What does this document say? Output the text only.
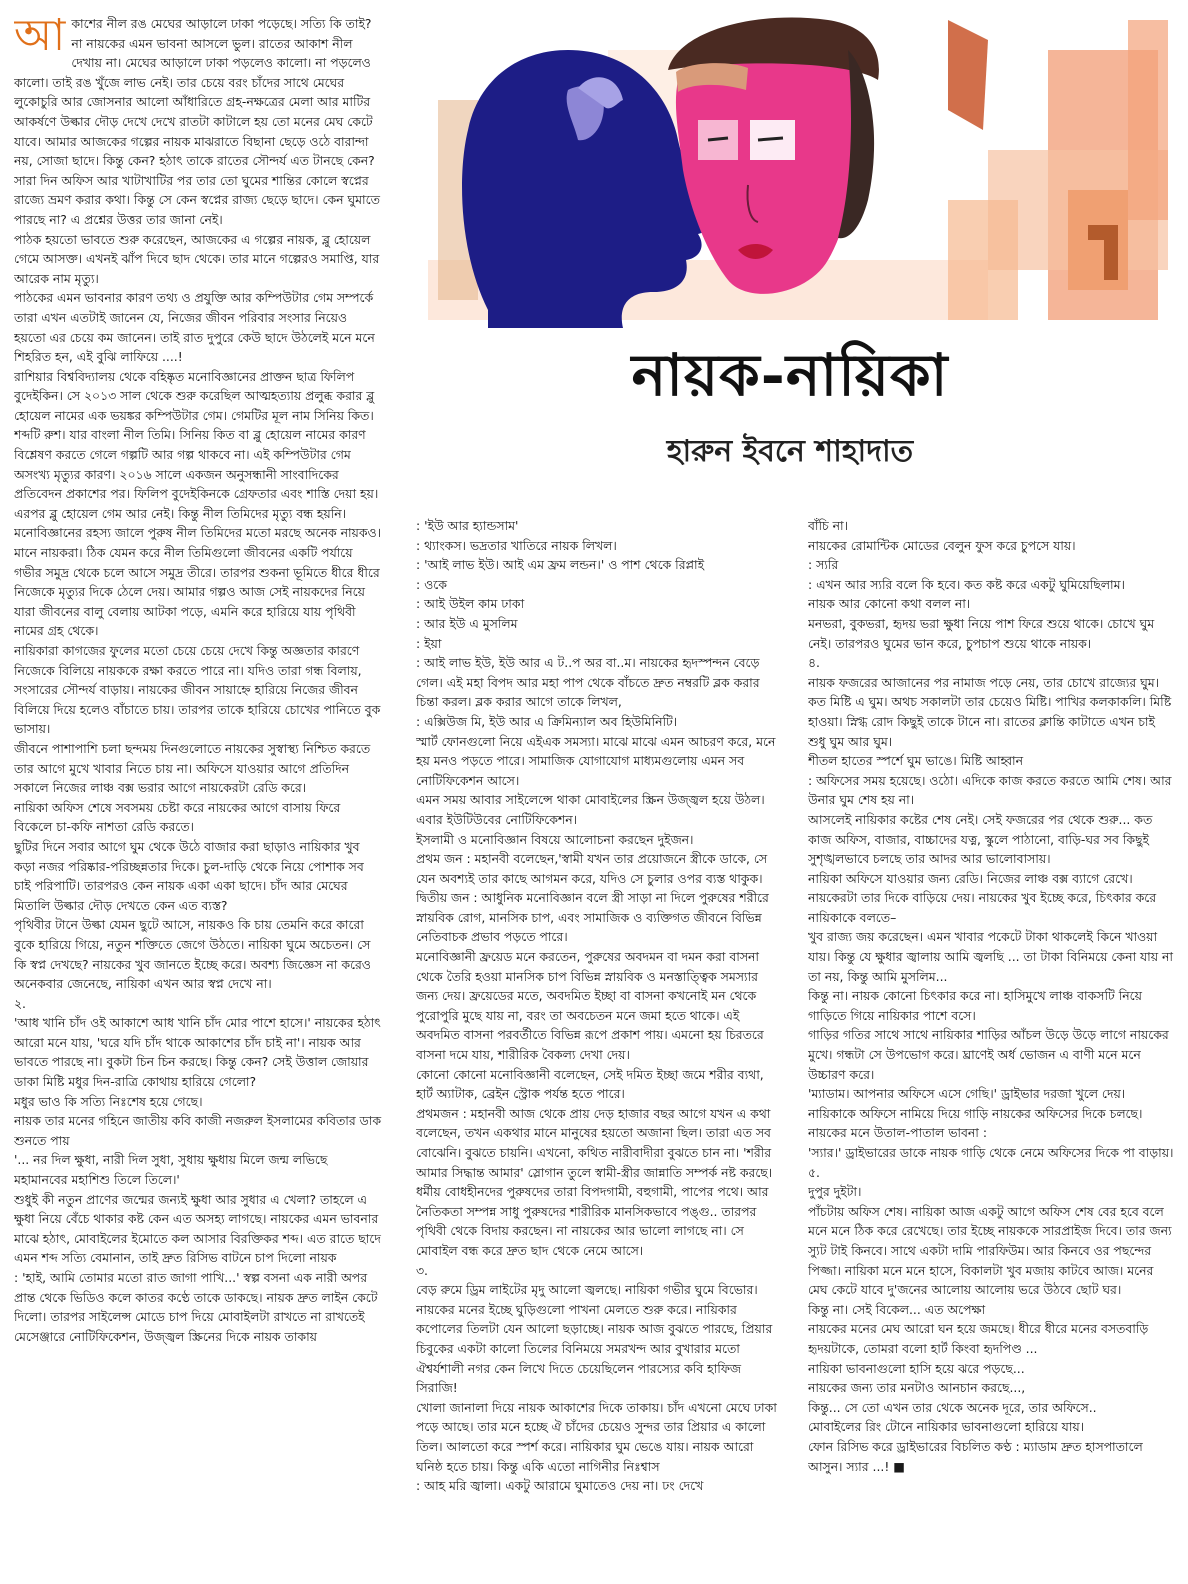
আ কাশের নীল রঙ মেঘের আড়ালে ঢাকা পড়েছে। সত্যি কি তাই? না নায়কের এমন ভাবনা আসলে ভুল। রাতের আকাশ নীল দেখায় না। মেঘের আড়ালে ঢাকা পড়লেও কালো। না পড়লেও কালো। তাই রঙ খুঁজে লাভ নেই। তার চেয়ে বরং চাঁদের সাথে মেঘের লুকোচুরি আর জোসনার আলো আঁধারিতে গ্রহ-নক্ষত্রের মেলা আর মাটির আকর্ষণে উল্কার দৌড় দেখে দেখে রাতটা কাটালে হয় তো মনের মেঘ কেটে যাবে। আমার আজকের গল্পের নায়ক মাঝরাতে বিছানা ছেড়ে ওঠে বারান্দা নয়, সোজা ছাদে। কিন্তু কেন? হঠাৎ তাকে রাতের সৌন্দর্য এত টানছে কেন? সারা দিন অফিস আর খাটাখাটির পর তার তো ঘুমের শান্তির কোলে স্বপ্নের রাজ্যে ভ্রমণ করার কথা। কিন্তু সে কেন স্বপ্নের রাজ্য ছেড়ে ছাদে। কেন ঘুমাতে পারছে না? এ প্রশ্নের উত্তর তার জানা নেই।

পাঠক হয়তো ভাবতে শুরু করেছেন, আজকের এ গল্পের নায়ক, ব্লু হোয়েল গেমে আসক্ত। এখনই ঝাঁপ দিবে ছাদ থেকে। তার মানে গল্পেরও সমাপ্তি, যার আরেক নাম মৃত্যু।

পাঠকের এমন ভাবনার কারণ তথ্য ও প্রযুক্তি আর কম্পিউটার গেম সম্পর্কে তারা এখন এতটাই জানেন যে, নিজের জীবন পরিবার সংসার নিয়েও হয়তো এর চেয়ে কম জানেন। তাই রাত দুপুরে কেউ ছাদে উঠলেই মনে মনে শিহরিত হন, এই বুঝি লাফিয়ে ....!

রাশিয়ার বিশ্ববিদ্যালয় থেকে বহিষ্কৃত মনোবিজ্ঞানের প্রাক্তন ছাত্র ফিলিপ বুদেইকিন। সে ২০১৩ সাল থেকে শুরু করেছিল আত্মহত্যায় প্রলুব্ধ করার ব্লু হোয়েল নামের এক ভয়ঙ্কর কম্পিউটার গেম। গেমটির মূল নাম সিনিয় কিত। শব্দটি রুশ। যার বাংলা নীল তিমি। সিনিয় কিত বা ব্লু হোয়েল নামের কারণ বিশ্লেষণ করতে গেলে গল্পটি আর গল্প থাকবে না। এই কম্পিউটার গেম অসংখ্য মৃত্যুর কারণ। ২০১৬ সালে একজন অনুসন্ধানী সাংবাদিকের প্রতিবেদন প্রকাশের পর। ফিলিপ বুদেইকিনকে গ্রেফতার এবং শাস্তি দেয়া হয়। এরপর ব্লু হোয়েল গেম আর নেই। কিন্তু নীল তিমিদের মৃত্যু বন্ধ হয়নি।

মনোবিজ্ঞানের রহস্য জালে পুরুষ নীল তিমিদের মতো মরছে অনেক নায়কও। মানে নায়করা। ঠিক যেমন করে নীল তিমিগুলো জীবনের একটি পর্যায়ে গভীর সমুদ্র থেকে চলে আসে সমুদ্র তীরে। তারপর শুকনা ভূমিতে ধীরে ধীরে নিজেকে মৃত্যুর দিকে ঠেলে দেয়। আমার গল্পও আজ সেই নায়কদের নিয়ে যারা জীবনের বালু বেলায় আটকা পড়ে, এমনি করে হারিয়ে যায় পৃথিবী নামের গ্রহ থেকে।

নায়িকারা কাগজের ফুলের মতো চেয়ে চেয়ে দেখে কিন্তু অজ্ঞতার কারণে নিজেকে বিলিয়ে নায়ককে রক্ষা করতে পারে না। যদিও তারা গন্ধ বিলায়, সংসারের সৌন্দর্য বাড়ায়। নায়কের জীবন সায়াহ্নে হারিয়ে নিজের জীবন বিলিয়ে দিয়ে হলেও বাঁচাতে চায়। তারপর তাকে হারিয়ে চোখের পানিতে বুক ভাসায়।

জীবনে পাশাপাশি চলা ছন্দময় দিনগুলোতে নায়কের সুস্বাস্থ্য নিশ্চিত করতে তার আগে মুখে খাবার নিতে চায় না। অফিসে যাওয়ার আগে প্রতিদিন সকালে নিজের লাঞ্চ বক্স ভরার আগে নায়কেরটা রেডি করে।

নায়িকা অফিস শেষে সবসময় চেষ্টা করে নায়কের আগে বাসায় ফিরে বিকেলে চা-কফি নাশতা রেডি করতে।

ছুটির দিনে সবার আগে ঘুম থেকে উঠে বাজার করা ছাড়াও নায়িকার খুব কড়া নজর পরিষ্কার-পরিচ্ছন্নতার দিকে। চুল-দাড়ি থেকে নিয়ে পোশাক সব চাই পরিপাটি। তারপরও কেন নায়ক একা একা ছাদে। চাঁদ আর মেঘের মিতালি উল্কার দৌড় দেখতে কেন এত ব্যস্ত?

পৃথিবীর টানে উল্কা যেমন ছুটে আসে, নায়কও কি চায় তেমনি করে কারো বুকে হারিয়ে গিয়ে, নতুন শক্তিতে জেগে উঠতে। নায়িকা ঘুমে অচেতন। সে কি স্বপ্ন দেখছে? নায়কের খুব জানতে ইচ্ছে করে। অবশ্য জিজ্ঞেস না করেও অনেকবার জেনেছে, নায়িকা এখন আর স্বপ্ন দেখে না।

২.

'আধ খানি চাঁদ ওই আকাশে আধ খানি চাঁদ মোর পাশে হাসে।' নায়কের হঠাৎ আরো মনে যায়, 'ঘরে যদি চাঁদ থাকে আকাশের চাঁদ চাই না'। নায়ক আর ভাবতে পারছে না। বুকটা চিন চিন করছে। কিন্তু কেন? সেই উত্তাল জোয়ার ডাকা মিষ্টি মধুর দিন-রাত্রি কোথায় হারিয়ে গেলো?

মধুর ভাও কি সত্যি নিঃশেষ হয়ে গেছে।

নায়ক তার মনের গহিনে জাতীয় কবি কাজী নজরুল ইসলামের কবিতার ডাক শুনতে পায়

'... নর দিল ক্ষুধা, নারী দিল সুধা, সুধায় ক্ষুধায় মিলে জন্ম লভিছে মহামানবের মহাশিশু তিলে তিলে।'

শুধুই কী নতুন প্রাণের জন্মের জন্যই ক্ষুধা আর সুধার এ খেলা? তাহলে এ ক্ষুধা নিয়ে বেঁচে থাকার কষ্ট কেন এত অসহ্য লাগছে। নায়কের এমন ভাবনার মাঝে হঠাৎ, মোবাইলের ইমোতে কল আসার বিরক্তিকর শব্দ। এত রাতে ছাদে এমন শব্দ সত্যি বেমানান, তাই দ্রুত রিসিভ বাটনে চাপ দিলো নায়ক

: 'হাই, আমি তোমার মতো রাত জাগা পাখি...' স্বল্প বসনা এক নারী অপর প্রান্ত থেকে ভিডিও কলে কাতর কণ্ঠে তাকে ডাকছে। নায়ক দ্রুত লাইন কেটে দিলো। তারপর সাইলেন্স মোডে চাপ দিয়ে মোবাইলটা রাখতে না রাখতেই মেসেঞ্জারে নোটিফিকেশন, উজ্জ্বল স্ক্রিনের দিকে নায়ক তাকায়

নায়ক-নায়িকা
হারুন ইবনে শাহাদাত

: 'ইউ আর হ্যান্ডসাম'

: থ্যাংকস। ভদ্রতার খাতিরে নায়ক লিখল।

: 'আই লাভ ইউ। আই এম ফ্রম লন্ডন।' ও পাশ থেকে রিপ্লাই

: ওকে

: আই উইল কাম ঢাকা

: আর ইউ এ মুসলিম

: ইয়া

: আই লাভ ইউ, ইউ আর এ ট..প অর বা..ম। নায়কের হৃদস্পন্দন বেড়ে গেল। এই মহা বিপদ আর মহা পাপ থেকে বাঁচতে দ্রুত নম্বরটি ব্লক করার চিন্তা করল। ব্লক করার আগে তাকে লিখল,

: এক্সিউজ মি, ইউ আর এ ক্রিমিন্যাল অব হিউমিনিটি।

স্মার্ট ফোনগুলো নিয়ে এইএক সমস্যা। মাঝে মাঝে এমন আচরণ করে, মনে হয় মনও পড়তে পারে। সামাজিক যোগাযোগ মাধ্যমগুলোয় এমন সব নোটিফিকেশন আসে।

এমন সময় আবার সাইলেন্সে থাকা মোবাইলের স্ক্রিন উজ্জ্বল হয়ে উঠল। এবার ইউটিউবের নোটিফিকেশন।

ইসলামী ও মনোবিজ্ঞান বিষয়ে আলোচনা করছেন দুইজন।

প্রথম জন : মহানবী বলেছেন,'স্বামী যখন তার প্রয়োজনে স্ত্রীকে ডাকে, সে যেন অবশ্যই তার কাছে আগমন করে, যদিও সে চুলার ওপর ব্যস্ত থাকুক।

দ্বিতীয় জন : আধুনিক মনোবিজ্ঞান বলে স্ত্রী সাড়া না দিলে পুরুষের শরীরে স্নায়বিক রোগ, মানসিক চাপ, এবং সামাজিক ও ব্যক্তিগত জীবনে বিভিন্ন নেতিবাচক প্রভাব পড়তে পারে।

মনোবিজ্ঞানী ফ্রয়েড মনে করতেন, পুরুষের অবদমন বা দমন করা বাসনা থেকে তৈরি হওয়া মানসিক চাপ বিভিন্ন স্নায়বিক ও মনস্তাত্ত্বিক সমস্যার জন্য দেয়। ফ্রয়েডের মতে, অবদমিত ইচ্ছা বা বাসনা কখনোই মন থেকে পুরোপুরি মুছে যায় না, বরং তা অবচেতন মনে জমা হতে থাকে। এই অবদমিত বাসনা পরবর্তীতে বিভিন্ন রূপে প্রকাশ পায়। এমনো হয় চিরতরে বাসনা দমে যায়, শারীরিক বৈকল্য দেখা দেয়।

কোনো কোনো মনোবিজ্ঞানী বলেছেন, সেই দমিত ইচ্ছা জমে শরীর ব্যথা, হার্ট অ্যাটাক, ব্রেইন স্ট্রোক পর্যন্ত হতে পারে।

প্রথমজন : মহানবী আজ থেকে প্রায় দেড় হাজার বছর আগে যখন এ কথা বলেছেন, তখন একথার মানে মানুষের হয়তো অজানা ছিল। তারা এত সব বোঝেনি। বুঝতে চায়নি। এখনো, কথিত নারীবাদীরা বুঝতে চান না। 'শরীর আমার সিদ্ধান্ত আমার' স্লোগান তুলে স্বামী-স্ত্রীর জান্নাতি সম্পর্ক নষ্ট করছে। ধর্মীয় বোধহীনদের পুরুষদের তারা বিপদগামী, বহুগামী, পাপের পথে। আর নৈতিকতা সম্পন্ন সাধু পুরুষদের শারীরিক মানসিকভাবে পঙ্গু.. তারপর পৃথিবী থেকে বিদায় করছেন। না নায়কের আর ভালো লাগছে না। সে মোবাইল বন্ধ করে দ্রুত ছাদ থেকে নেমে আসে।

৩.

বেড় রুমে ড্রিম লাইটের মৃদু আলো জ্বলছে। নায়িকা গভীর ঘুমে বিভোর। নায়কের মনের ইচ্ছে ঘুড়িগুলো পাখনা মেলতে শুরু করে। নায়িকার কপোলের তিলটা যেন আলো ছড়াচ্ছে। নায়ক আজ বুঝতে পারছে, প্রিয়ার চিবুকের একটা কালো তিলের বিনিময়ে সমরখন্দ আর বুখারার মতো ঐশ্বর্যশালী নগর কেন লিখে দিতে চেয়েছিলেন পারস্যের কবি হাফিজ সিরাজি!

খোলা জানালা দিয়ে নায়ক আকাশের দিকে তাকায়। চাঁদ এখনো মেঘে ঢাকা পড়ে আছে। তার মনে হচ্ছে ঐ চাঁদের চেয়েও সুন্দর তার প্রিয়ার এ কালো তিল। আলতো করে স্পর্শ করে। নায়িকার ঘুম ভেঙে যায়। নায়ক আরো ঘনিষ্ঠ হতে চায়। কিন্তু একি এতো নাগিনীর নিঃশ্বাস

: আহ মরি জ্বালা। একটু আরামে ঘুমাতেও দেয় না। ঢং দেখে

বাঁচি না।

নায়কের রোমান্টিক মোডের বেলুন ফুস করে চুপসে যায়।

: স্যরি

: এখন আর স্যরি বলে কি হবে। কত কষ্ট করে একটু ঘুমিয়েছিলাম।

নায়ক আর কোনো কথা বলল না।

মনভরা, বুকভরা, হৃদয় ভরা ক্ষুধা নিয়ে পাশ ফিরে শুয়ে থাকে। চোখে ঘুম নেই। তারপরও ঘুমের ভান করে, চুপচাপ শুয়ে থাকে নায়ক।

৪.

নায়ক ফজরের আজানের পর নামাজ পড়ে নেয়, তার চোখে রাজ্যের ঘুম। কত মিষ্টি এ ঘুম। অথচ সকালটা তার চেয়েও মিষ্টি। পাখির কলকাকলি। মিষ্টি হাওয়া। স্নিগ্ধ রোদ কিছুই তাকে টানে না। রাতের ক্লান্তি কাটাতে এখন চাই শুধু ঘুম আর ঘুম।

শীতল হাতের স্পর্শে ঘুম ভাঙে। মিষ্টি আহ্বান

: অফিসের সময় হয়েছে। ওঠো। এদিকে কাজ করতে করতে আমি শেষ। আর উনার ঘুম শেষ হয় না।

আসলেই নায়িকার কষ্টের শেষ নেই। সেই ফজরের পর থেকে শুরু... কত কাজ অফিস, বাজার, বাচ্চাদের যত্ন, স্কুলে পাঠানো, বাড়ি-ঘর সব কিছুই সুশৃঙ্খলভাবে চলছে তার আদর আর ভালোবাসায়।

নায়িকা অফিসে যাওয়ার জন্য রেডি। নিজের লাঞ্চ বক্স ব্যাগে রেখে। নায়কেরটা তার দিকে বাড়িয়ে দেয়। নায়কের খুব ইচ্ছে করে, চিৎকার করে নায়িকাকে বলতে–

খুব রাজ্য জয় করেছেন। এমন খাবার পকেটে টাকা থাকলেই কিনে খাওয়া যায়। কিন্তু যে ক্ষুধার জ্বালায় আমি জ্বলছি ... তা টাকা বিনিময়ে কেনা যায় না তা নয়, কিন্তু আমি মুসলিম...

কিন্তু না। নায়ক কোনো চিৎকার করে না। হাসিমুখে লাঞ্চ বাকসটি নিয়ে গাড়িতে গিয়ে নায়িকার পাশে বসে।

গাড়ির গতির সাথে সাথে নায়িকার শাড়ির আঁচল উড়ে উড়ে লাগে নায়কের মুখে। গন্ধটা সে উপভোগ করে। ঘ্রাণেই অর্ধ ভোজন এ বাণী মনে মনে উচ্চারণ করে।

'ম্যাডাম। আপনার অফিসে এসে গেছি।' ড্রাইভার দরজা খুলে দেয়।

নায়িকাকে অফিসে নামিয়ে দিয়ে গাড়ি নায়কের অফিসের দিকে চলছে। নায়কের মনে উতাল-পাতাল ভাবনা :

'স্যার।' ড্রাইভারের ডাকে নায়ক গাড়ি থেকে নেমে অফিসের দিকে পা বাড়ায়।

৫.

দুপুর দুইটা।

পাঁচটায় অফিস শেষ। নায়িকা আজ একটু আগে অফিস শেষ বের হবে বলে মনে মনে ঠিক করে রেখেছে। তার ইচ্ছে নায়ককে সারপ্রাইজ দিবে। তার জন্য স্যুট টাই কিনবে। সাথে একটা দামি পারফিউম। আর কিনবে ওর পছন্দের পিজ্জা। নায়িকা মনে মনে হাসে, বিকালটা খুব মজায় কাটবে আজ। মনের মেঘ কেটে যাবে দু'জনের আলোয় আলোয় ভরে উঠবে ছোট ঘর।

কিন্তু না। সেই বিকেল... এত অপেক্ষা

নায়কের মনের মেঘ আরো ঘন হয়ে জমছে। ধীরে ধীরে মনের বসতবাড়ি হৃদয়টাকে, তোমরা বলো হার্ট কিংবা হৃদপিণ্ড ...

নায়িকা ভাবনাগুলো হাসি হয়ে ঝরে পড়ছে...

নায়কের জন্য তার মনটাও আনচান করছে...,

কিন্তু... সে তো এখন তার থেকে অনেক দূরে, তার অফিসে..

মোবাইলের রিং টোনে নায়িকার ভাবনাগুলো হারিয়ে যায়।

ফোন রিসিভ করে ড্রাইভারের বিচলিত কণ্ঠ : ম্যাডাম দ্রুত হাসপাতালে আসুন। স্যার ...! ■
